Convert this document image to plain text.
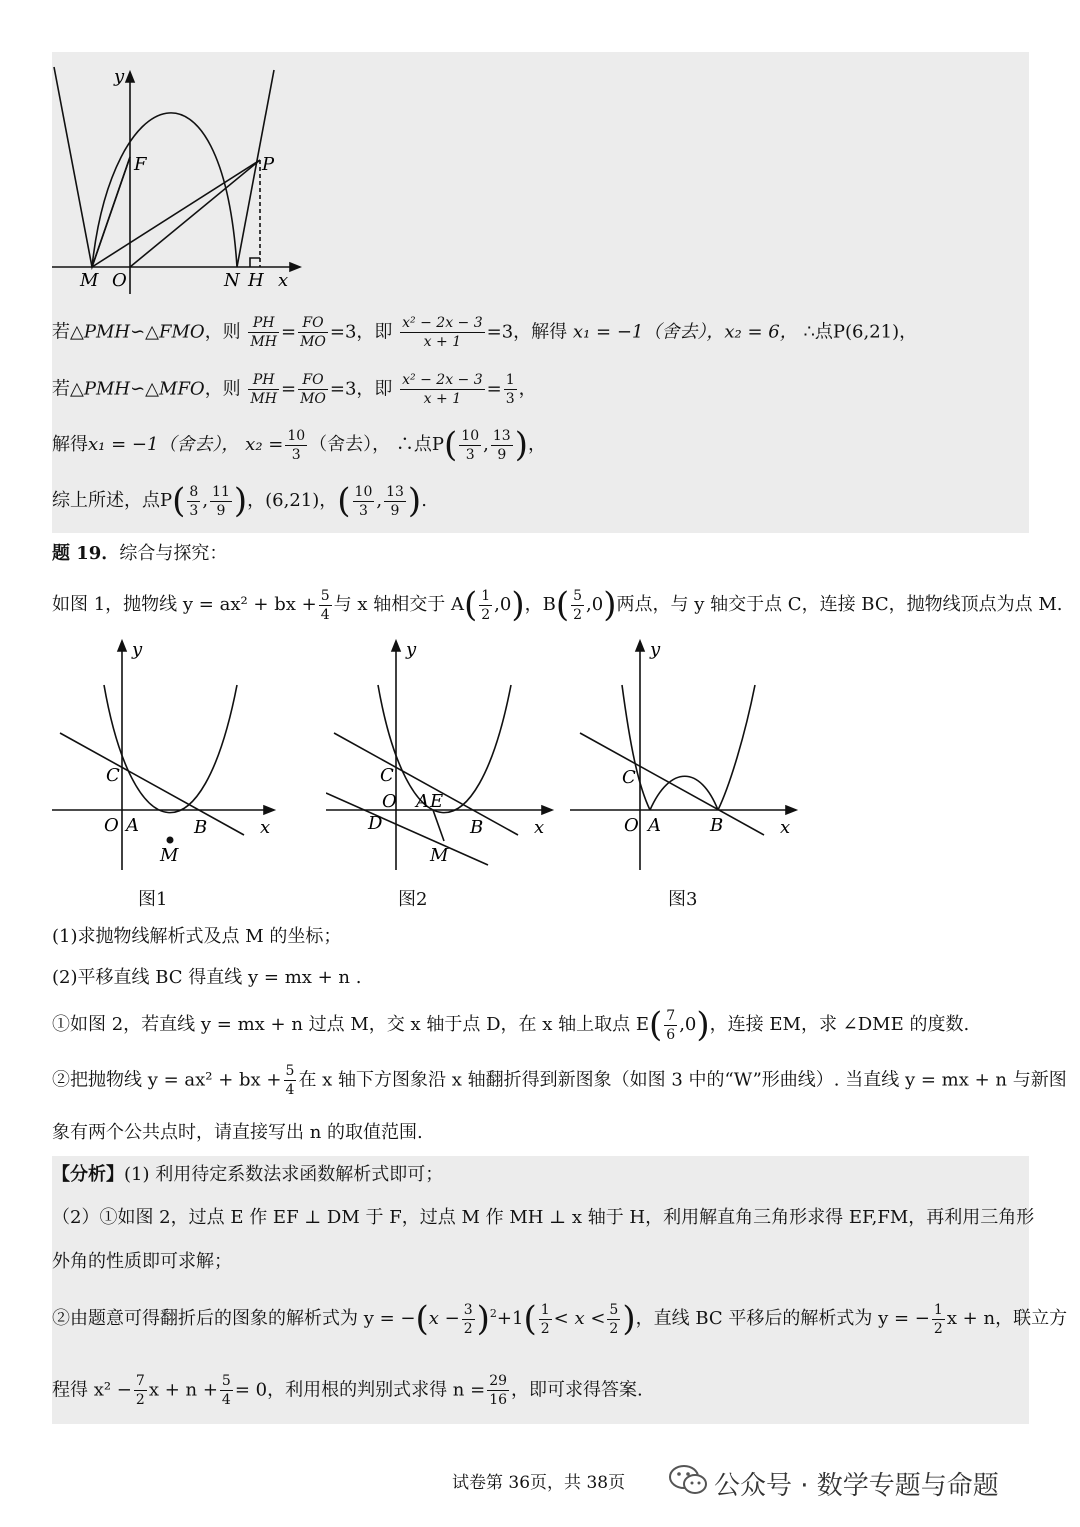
y
F	P
M O	N H x
若△PMH∽△FMO，则 $\frac{PH}{MH} = \frac{FO}{MO} =3$，即 $\frac{\text{x² − 2x − 3}}{x + 1} =3$，解得 x₁ = −1（舍去），x₂ = 6， ∴点P(6,21)，
若△PMH∽△MFO，则 $\frac{PH}{MH} = \frac{FO}{MO} =3$，即 $\frac{\text{x² − 2x − 3}}{x + 1} = \frac{1}{3}$ ，
解得x₁ = −1（舍去）， $x_2 = \frac{10}{3}$ （舍去）， ∴点$P( \frac{10}{3}$ , $\frac{13}{9}$ )，
综上所述，点$P( \frac{8}{3}$ , $\frac{11}{9}$ )，(6,21)，( $\frac{10}{3}$ , $\frac{13}{9}$ ).
题 19．综合与探究：
如图 1，抛物线 y = ax² + bx + $\frac{5}{4}$ 与 x 轴相交于 $A( \frac{1}{2} ,0)$，$B( \frac{5}{2} ,0)$两点，与 y 轴交于点 C，连接 BC，抛物线顶点为点 M.
y
C
O A	B	x
M
图1
y
C
O A E
D	B	x
M
图2
y
C
O A	B	x
图3
(1)求抛物线解析式及点 M 的坐标；
(2)平移直线 BC 得直线 y = mx + n .
①如图 2，若直线 y = mx + n 过点 M，交 x 轴于点 D，在 x 轴上取点 $E( \frac{7}{6} ,0)$，连接 EM，求 ∠DME 的度数.
②把抛物线 y = ax² + bx + $\frac{5}{4}$ 在 x 轴下方图象沿 x 轴翻折得到新图象（如图 3 中的“W”形曲线）. 当直线 y = mx + n 与新图
象有两个公共点时，请直接写出 n 的取值范围.
【分析】(1) 利用待定系数法求函数解析式即可；
（2）①如图 2，过点 E 作 EF ⊥ DM 于 F，过点 M 作 MH ⊥ x 轴于 H，利用解直角三角形求得 EF,FM，再利用三角形
外角的性质即可求解；
②由题意可得翻折后的图象的解析式为 $y = -(x - \frac{3}{2} )^2+1( \frac{1}{2} < x < \frac{5}{2}$ )，直线 BC 平移后的解析式为 y = − $\frac{1}{2}$ x + n，联立方
程得 $x^2 - \frac{7}{2}$ $x + n + \frac{5}{4} = 0$，利用根的判别式求得 $n = \frac{29}{16}$ ，即可求得答案.
试卷第 36页，共 38页	公众号 · 数学专题与命题
